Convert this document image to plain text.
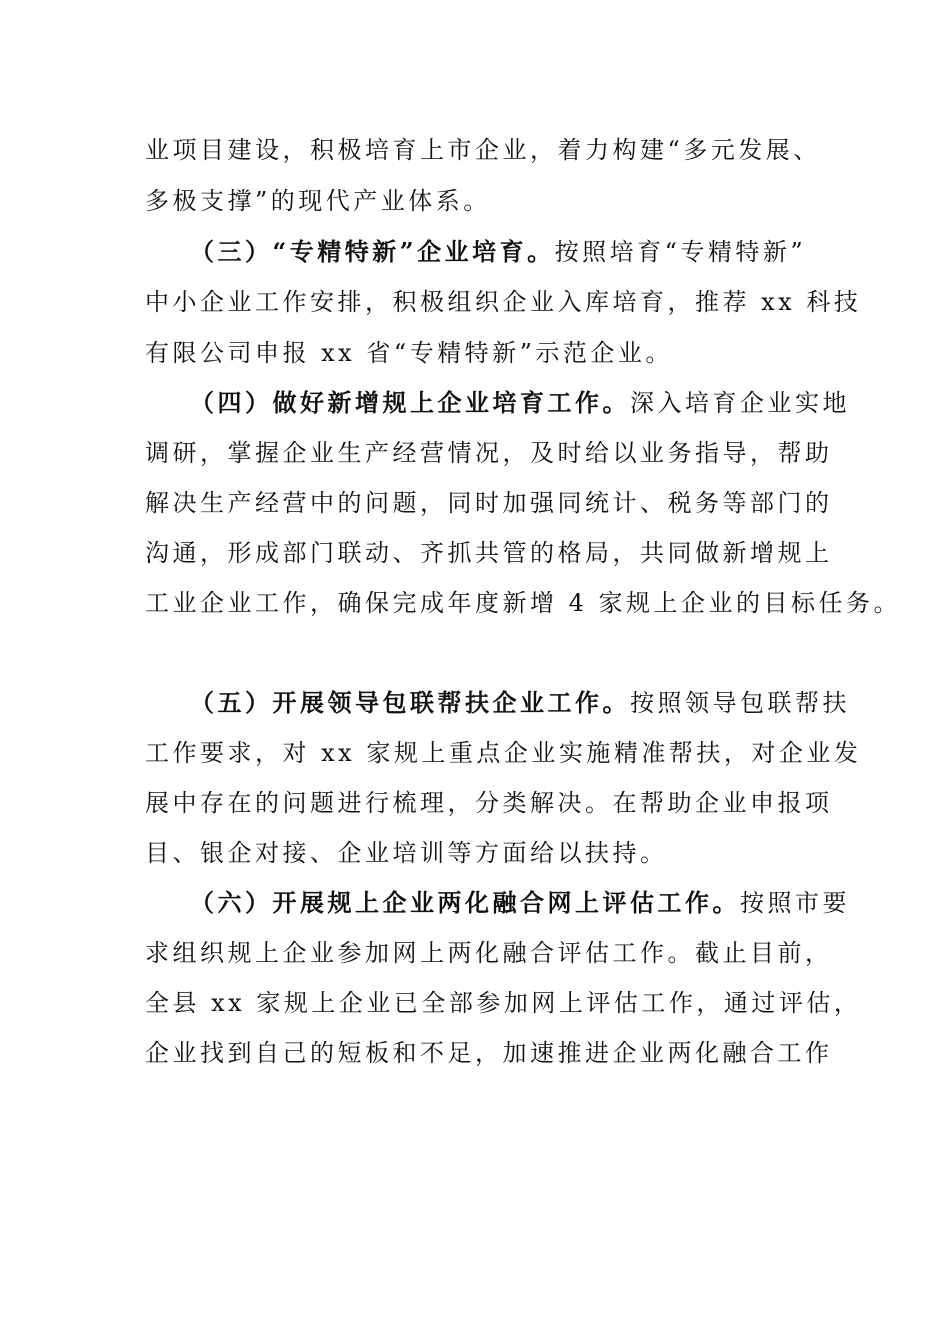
业项目建设，积极培育上市企业，着力构建“多元发展、
多极支撑”的现代产业体系。
（三）“专精特新”企业培育。按照培育“专精特新”
中小企业工作安排，积极组织企业入库培育，推荐 xx 科技
有限公司申报 xx 省“专精特新”示范企业。
（四）做好新增规上企业培育工作。深入培育企业实地
调研，掌握企业生产经营情况，及时给以业务指导，帮助
解决生产经营中的问题，同时加强同统计、税务等部门的
沟通，形成部门联动、齐抓共管的格局，共同做新增规上
工业企业工作，确保完成年度新增 4 家规上企业的目标任务。
（五）开展领导包联帮扶企业工作。按照领导包联帮扶
工作要求，对 xx 家规上重点企业实施精准帮扶，对企业发
展中存在的问题进行梳理，分类解决。在帮助企业申报项
目、银企对接、企业培训等方面给以扶持。
（六）开展规上企业两化融合网上评估工作。按照市要
求组织规上企业参加网上两化融合评估工作。截止目前，
全县 xx 家规上企业已全部参加网上评估工作，通过评估，
企业找到自己的短板和不足，加速推进企业两化融合工作
